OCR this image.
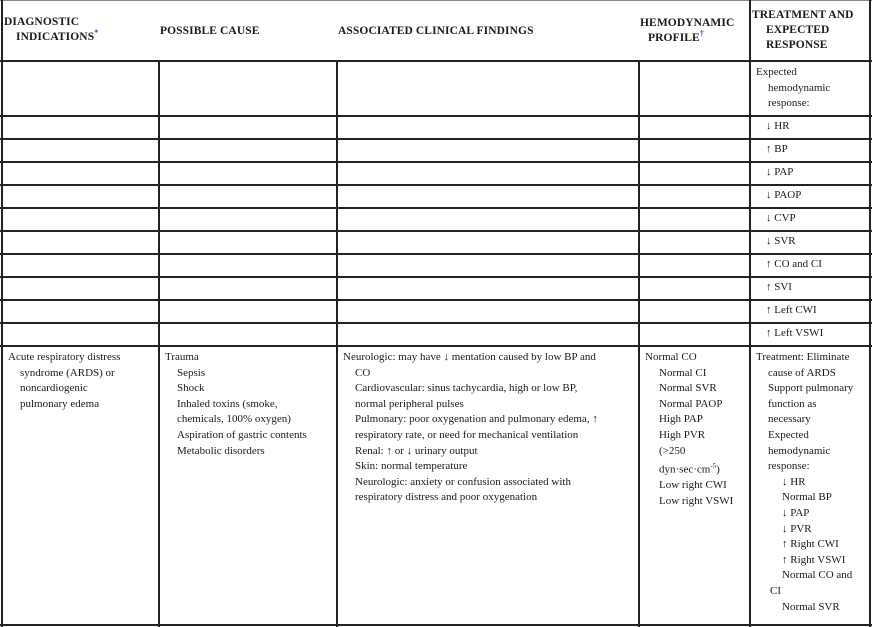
DIAGNOSTIC
INDICATIONS*	POSSIBLE CAUSE	ASSOCIATED CLINICAL FINDINGS
HEMODYNAMIC
PROFILE†
TREATMENT AND
EXPECTED
RESPONSE
Expected
hemodynamic
response:
↓ HR
↑ BP
↓ PAP
↓ PAOP
↓ CVP
↓ SVR
↑ CO and CI
↑ SVI
↑ Left CWI
↑ Left VSWI
Acute respiratory distress
syndrome (ARDS) or
noncardiogenic
pulmonary edema
Trauma
Sepsis
Shock
Inhaled toxins (smoke,
chemicals, 100% oxygen)
Aspiration of gastric contents
Metabolic disorders
Neurologic: may have ↓ mentation caused by low BP and
CO
Cardiovascular: sinus tachycardia, high or low BP,
normal peripheral pulses
Pulmonary: poor oxygenation and pulmonary edema, ↑
respiratory rate, or need for mechanical ventilation
Renal: ↑ or ↓ urinary output
Skin: normal temperature
Neurologic: anxiety or confusion associated with
respiratory distress and poor oxygenation
Normal CO
Normal CI
Normal SVR
Normal PAOP
High PAP
High PVR
(>250
$dyn\cdot\sec\cdot cm^{-5}$)
Low right CWI
Low right VSWI
Treatment: Eliminate
cause of ARDS
Support pulmonary
function as
necessary
Expected
hemodynamic
response:
↓ HR
Normal BP
↓ PAP
↓ PVR
↑ Right CWI
↑ Right VSWI
Normal CO and
CI
Normal SVR
